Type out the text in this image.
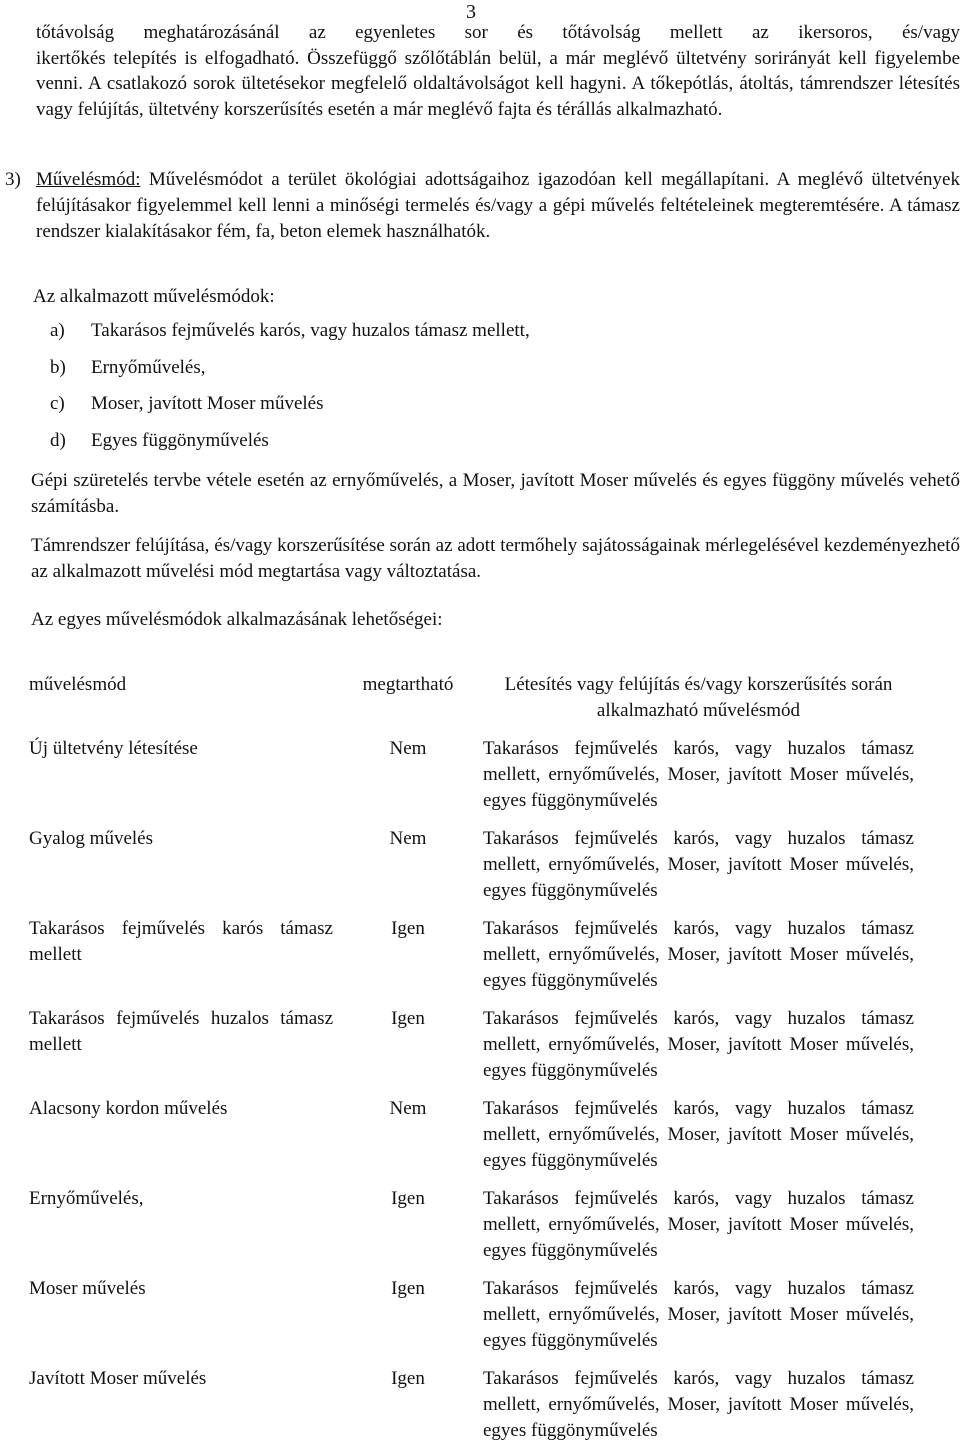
3
tőtávolság meghatározásánál az egyenletes sor és tőtávolság mellett az ikersoros, és/vagy

ikertőkés telepítés is elfogadható. Összefüggő szőlőtáblán belül, a már meglévő ültetvény sorirányát kell figyelembe venni. A csatlakozó sorok ültetésekor megfelelő oldaltávolságot kell hagyni. A tőkepótlás, átoltás, támrendszer létesítés vagy felújítás, ültetvény korszerűsítés esetén a már meglévő fajta és térállás alkalmazható.

3) Művelésmód: Művelésmódot a terület ökológiai adottságaihoz igazodóan kell megállapítani. A meglévő ültetvények felújításakor figyelemmel kell lenni a minőségi termelés és/vagy a gépi művelés feltételeinek megteremtésére. A támasz rendszer kialakításakor fém, fa, beton elemek használhatók.
Az alkalmazott művelésmódok:
a)	Takarásos fejművelés karós, vagy huzalos támasz mellett,
b)	Ernyőművelés,
c)	Moser, javított Moser művelés
d)	Egyes függönyművelés
Gépi szüretelés tervbe vétele esetén az ernyőművelés, a Moser, javított Moser művelés és egyes függöny művelés vehető számításba.
Támrendszer felújítása, és/vagy korszerűsítése során az adott termőhely sajátosságainak mérlegelésével kezdeményezhető az alkalmazott művelési mód megtartása vagy változtatása.
Az egyes művelésmódok alkalmazásának lehetőségei:
művelésmód	megtartható	Létesítés vagy felújítás és/vagy korszerűsítés során alkalmazható művelésmód
Új ültetvény létesítése	Nem	Takarásos fejművelés karós, vagy huzalos támasz mellett, ernyőművelés, Moser, javított Moser művelés, egyes függönyművelés
Gyalog művelés	Nem	Takarásos fejművelés karós, vagy huzalos támasz mellett, ernyőművelés, Moser, javított Moser művelés, egyes függönyművelés
Takarásos fejművelés karós támasz mellett	Igen	Takarásos fejművelés karós, vagy huzalos támasz mellett, ernyőművelés, Moser, javított Moser művelés, egyes függönyművelés
Takarásos fejművelés huzalos támasz mellett	Igen	Takarásos fejművelés karós, vagy huzalos támasz mellett, ernyőművelés, Moser, javított Moser művelés, egyes függönyművelés
Alacsony kordon művelés	Nem	Takarásos fejművelés karós, vagy huzalos támasz mellett, ernyőművelés, Moser, javított Moser művelés, egyes függönyművelés
Ernyőművelés,	Igen	Takarásos fejművelés karós, vagy huzalos támasz mellett, ernyőművelés, Moser, javított Moser művelés, egyes függönyművelés
Moser művelés	Igen	Takarásos fejművelés karós, vagy huzalos támasz mellett, ernyőművelés, Moser, javított Moser művelés, egyes függönyművelés
Javított Moser művelés	Igen	Takarásos fejművelés karós, vagy huzalos támasz mellett, ernyőművelés, Moser, javított Moser művelés, egyes függönyművelés
